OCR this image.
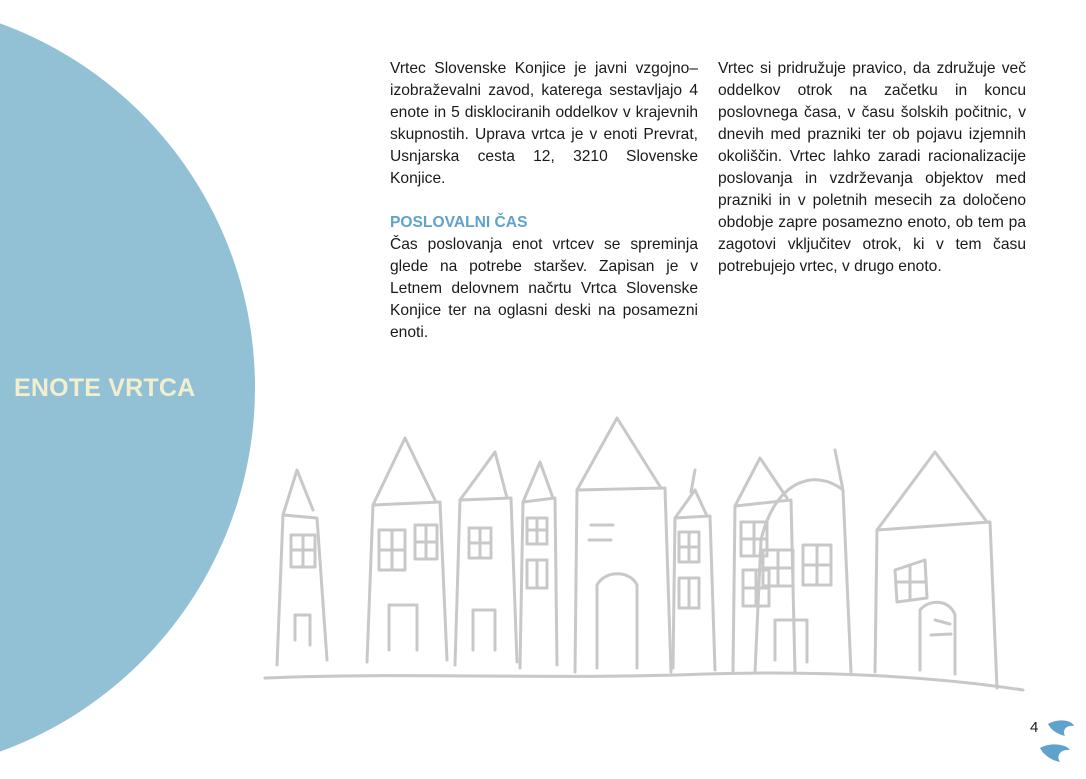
ENOTE VRTCA

Vrtec Slovenske Konjice je javni vzgojno–izobraževalni zavod, katerega sestavljajo 4 enote in 5 disklociranih oddelkov v krajevnih skupnostih. Uprava vrtca je v enoti Prevrat, Usnjarska cesta 12, 3210 Slovenske Konjice.

POSLOVALNI ČAS

Čas poslovanja enot vrtcev se spreminja glede na potrebe staršev. Zapisan je v Letnem delovnem načrtu Vrtca Slovenske Konjice ter na oglasni deski na posamezni enoti.

Vrtec si pridružuje pravico, da združuje več oddelkov otrok na začetku in koncu poslovnega časa, v času šolskih počitnic, v dnevih med prazniki ter ob pojavu izjemnih okoliščin. Vrtec lahko zaradi racionalizacije poslovanja in vzdrževanja objektov med prazniki in v poletnih mesecih za določeno obdobje zapre posamezno enoto, ob tem pa zagotovi vključitev otrok, ki v tem času potrebujejo vrtec, v drugo enoto.

4
